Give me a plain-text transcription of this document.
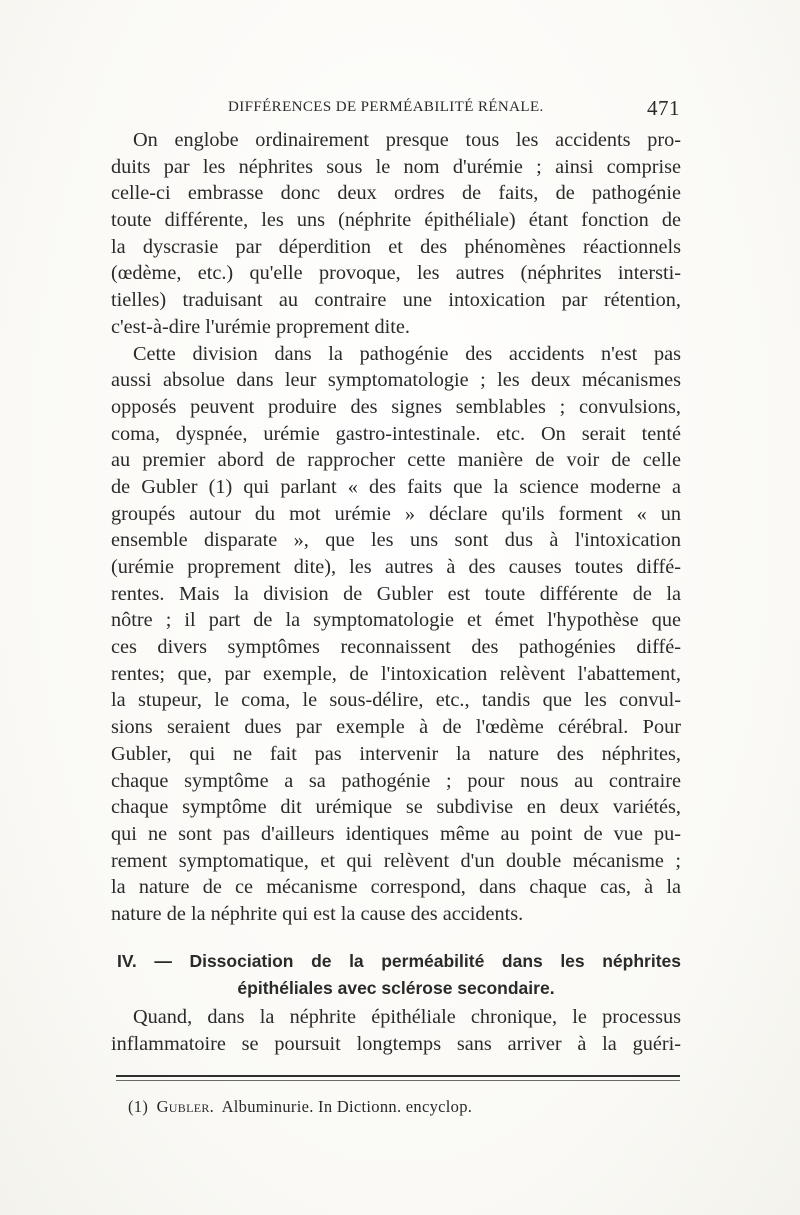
DIFFÉRENCES DE PERMÉABILITÉ RÉNALE.	471
On englobe ordinairement presque tous les accidents pro-
duits par les néphrites sous le nom d'urémie ; ainsi comprise
celle-ci embrasse donc deux ordres de faits, de pathogénie
toute différente, les uns (néphrite épithéliale) étant fonction de
la dyscrasie par déperdition et des phénomènes réactionnels
(œdème, etc.) qu'elle provoque, les autres (néphrites intersti-
tielles) traduisant au contraire une intoxication par rétention,
c'est-à-dire l'urémie proprement dite.
Cette division dans la pathogénie des accidents n'est pas
aussi absolue dans leur symptomatologie ; les deux mécanismes
opposés peuvent produire des signes semblables ; convulsions,
coma, dyspnée, urémie gastro-intestinale. etc. On serait tenté
au premier abord de rapprocher cette manière de voir de celle
de Gubler (1) qui parlant « des faits que la science moderne a
groupés autour du mot urémie » déclare qu'ils forment « un
ensemble disparate », que les uns sont dus à l'intoxication
(urémie proprement dite), les autres à des causes toutes diffé-
rentes. Mais la division de Gubler est toute différente de la
nôtre ; il part de la symptomatologie et émet l'hypothèse que
ces divers symptômes reconnaissent des pathogénies diffé-
rentes; que, par exemple, de l'intoxication relèvent l'abattement,
la stupeur, le coma, le sous-délire, etc., tandis que les convul-
sions seraient dues par exemple à de l'œdème cérébral. Pour
Gubler, qui ne fait pas intervenir la nature des néphrites,
chaque symptôme a sa pathogénie ; pour nous au contraire
chaque symptôme dit urémique se subdivise en deux variétés,
qui ne sont pas d'ailleurs identiques même au point de vue pu-
rement symptomatique, et qui relèvent d'un double mécanisme ;
la nature de ce mécanisme correspond, dans chaque cas, à la
nature de la néphrite qui est la cause des accidents.
IV. — Dissociation de la perméabilité dans les néphrites
épithéliales avec sclérose secondaire.
Quand, dans la néphrite épithéliale chronique, le processus
inflammatoire se poursuit longtemps sans arriver à la guéri-
(1) Gubler. Albuminurie. In Dictionn. encyclop.
